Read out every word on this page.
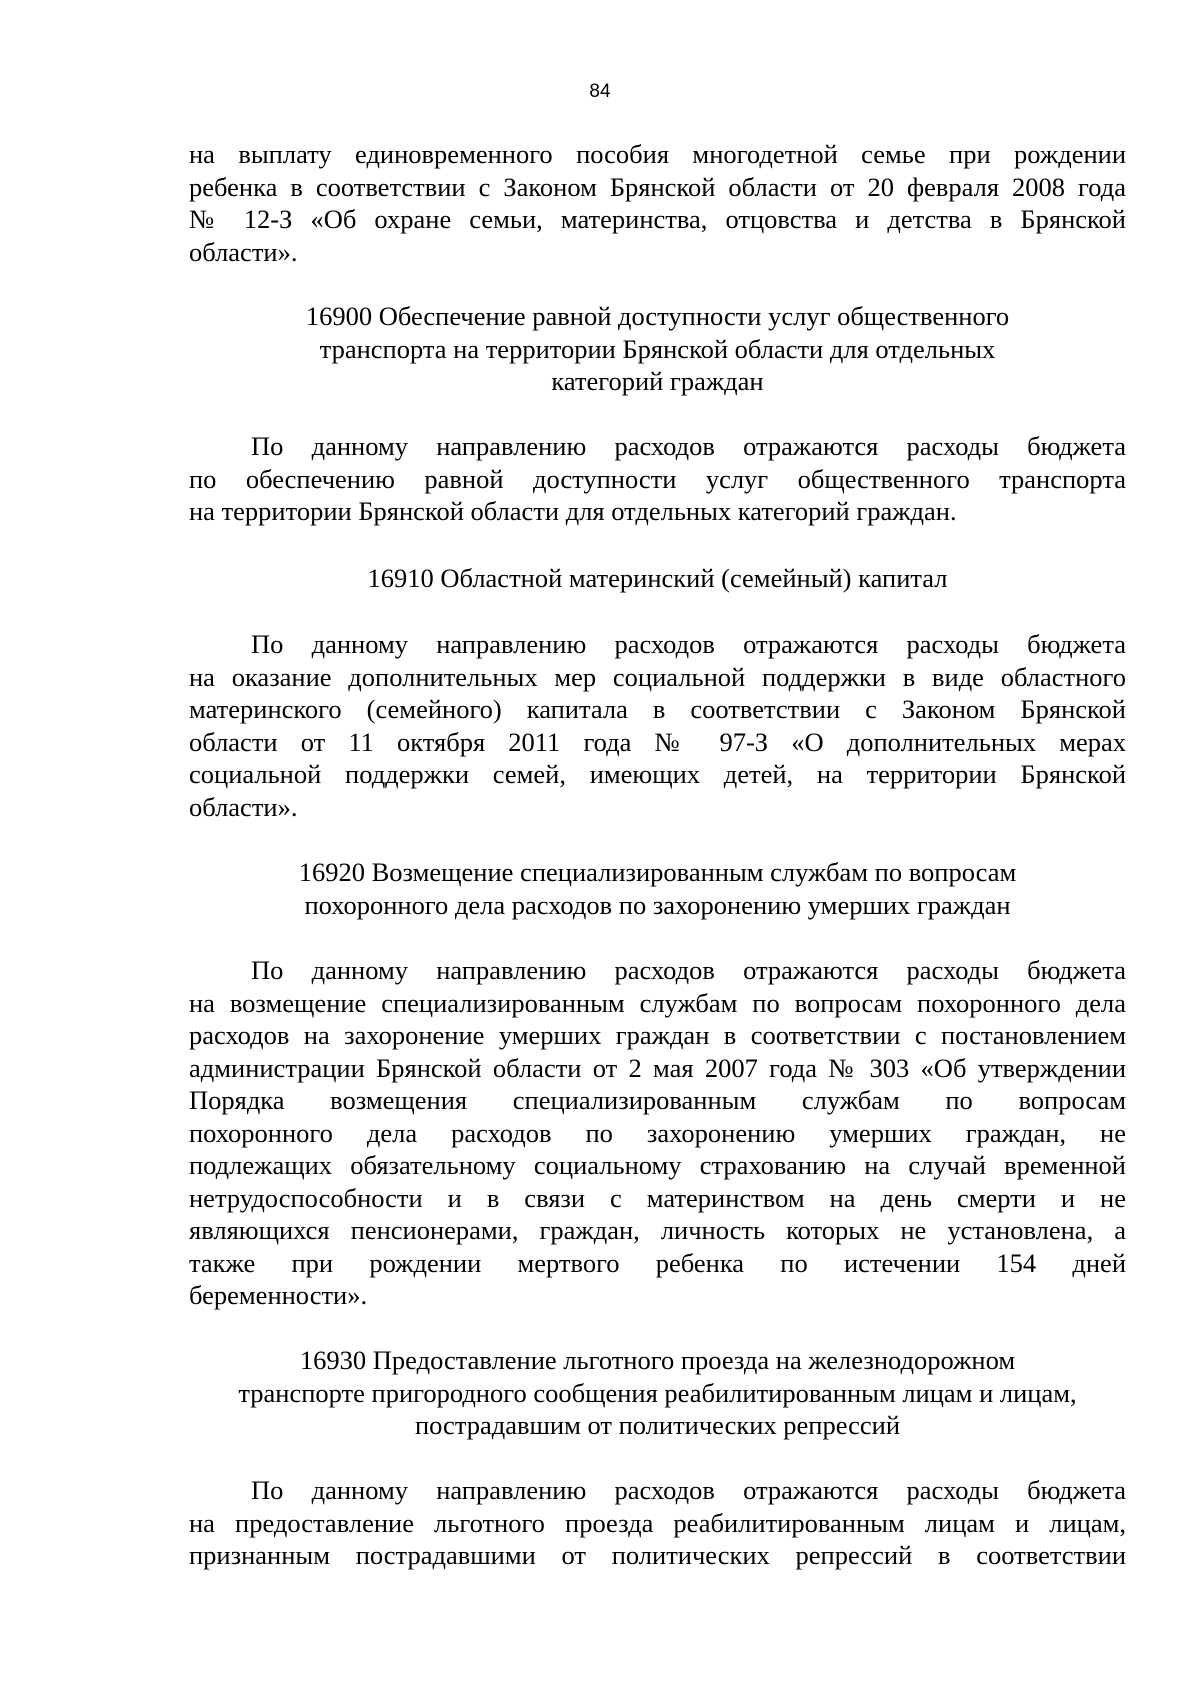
84
на выплату единовременного пособия многодетной семье при рождении
ребенка в соответствии с Законом Брянской области от 20 февраля 2008 года
№ 12-З «Об охране семьи, материнства, отцовства и детства в Брянской
области».
16900 Обеспечение равной доступности услуг общественного
транспорта на территории Брянской области для отдельных
категорий граждан
По данному направлению расходов отражаются расходы бюджета
по обеспечению равной доступности услуг общественного транспорта
на территории Брянской области для отдельных категорий граждан.
16910 Областной материнский (семейный) капитал
По данному направлению расходов отражаются расходы бюджета
на оказание дополнительных мер социальной поддержки в виде областного
материнского (семейного) капитала в соответствии с Законом Брянской
области от 11 октября 2011 года № 97-З «О дополнительных мерах
социальной поддержки семей, имеющих детей, на территории Брянской
области».
16920 Возмещение специализированным службам по вопросам
похоронного дела расходов по захоронению умерших граждан
По данному направлению расходов отражаются расходы бюджета
на возмещение специализированным службам по вопросам похоронного дела
расходов на захоронение умерших граждан в соответствии с постановлением
администрации Брянской области от 2 мая 2007 года № 303 «Об утверждении
Порядка возмещения специализированным службам по вопросам
похоронного дела расходов по захоронению умерших граждан, не
подлежащих обязательному социальному страхованию на случай временной
нетрудоспособности и в связи с материнством на день смерти и не
являющихся пенсионерами, граждан, личность которых не установлена, а
также при рождении мертвого ребенка по истечении 154 дней
беременности».
16930 Предоставление льготного проезда на железнодорожном
транспорте пригородного сообщения реабилитированным лицам и лицам,
пострадавшим от политических репрессий
По данному направлению расходов отражаются расходы бюджета
на предоставление льготного проезда реабилитированным лицам и лицам,
признанным пострадавшими от политических репрессий в соответствии
